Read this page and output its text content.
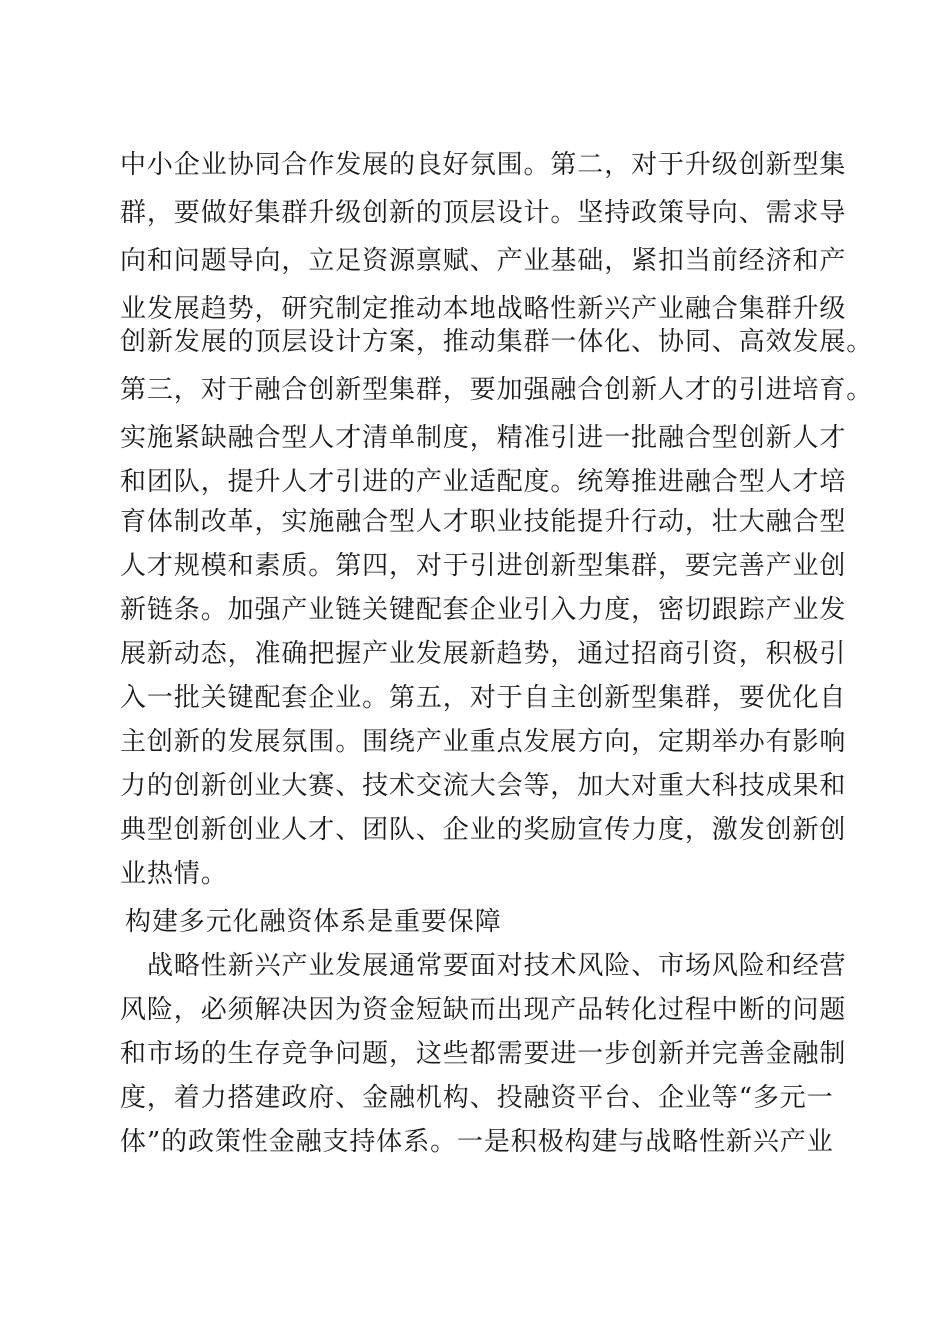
中小企业协同合作发展的良好氛围。第二，对于升级创新型集

群，要做好集群升级创新的顶层设计。坚持政策导向、需求导

向和问题导向，立足资源禀赋、产业基础，紧扣当前经济和产

业发展趋势，研究制定推动本地战略性新兴产业融合集群升级

创新发展的顶层设计方案，推动集群一体化、协同、高效发展。

第三，对于融合创新型集群，要加强融合创新人才的引进培育。

实施紧缺融合型人才清单制度，精准引进一批融合型创新人才

和团队，提升人才引进的产业适配度。统筹推进融合型人才培

育体制改革，实施融合型人才职业技能提升行动，壮大融合型

人才规模和素质。第四，对于引进创新型集群，要完善产业创

新链条。加强产业链关键配套企业引入力度，密切跟踪产业发

展新动态，准确把握产业发展新趋势，通过招商引资，积极引

入一批关键配套企业。第五，对于自主创新型集群，要优化自

主创新的发展氛围。围绕产业重点发展方向，定期举办有影响

力的创新创业大赛、技术交流大会等，加大对重大科技成果和

典型创新创业人才、团队、企业的奖励宣传力度，激发创新创

业热情。

构建多元化融资体系是重要保障

战略性新兴产业发展通常要面对技术风险、市场风险和经营

风险，必须解决因为资金短缺而出现产品转化过程中断的问题

和市场的生存竞争问题，这些都需要进一步创新并完善金融制

度，着力搭建政府、金融机构、投融资平台、企业等“多元一

体”的政策性金融支持体系。一是积极构建与战略性新兴产业
